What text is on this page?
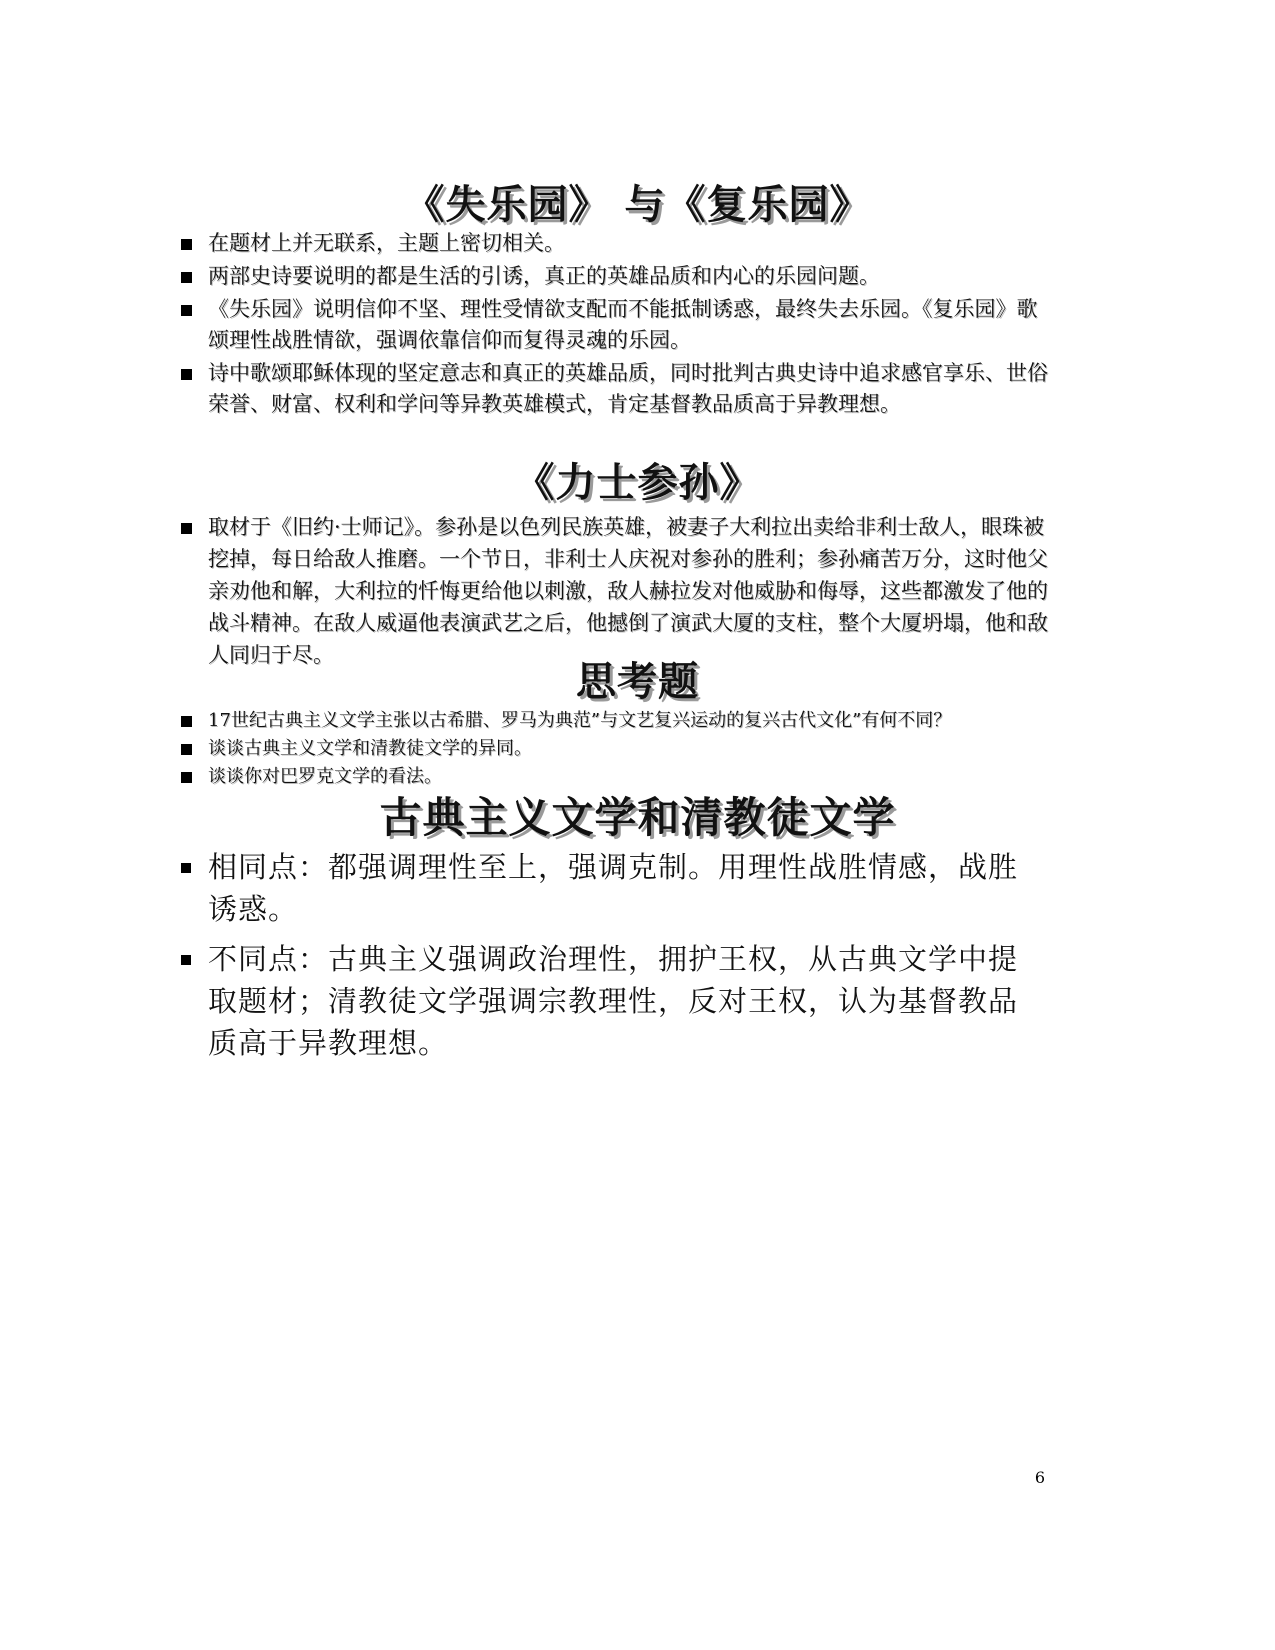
《失乐园》 与《复乐园》
在题材上并无联系，主题上密切相关。
两部史诗要说明的都是生活的引诱，真正的英雄品质和内心的乐园问题。
《失乐园》说明信仰不坚、理性受情欲支配而不能抵制诱惑，最终失去乐园。《复乐园》歌颂理性战胜情欲，强调依靠信仰而复得灵魂的乐园。
诗中歌颂耶稣体现的坚定意志和真正的英雄品质，同时批判古典史诗中追求感官享乐、世俗荣誉、财富、权利和学问等异教英雄模式，肯定基督教品质高于异教理想。
《力士参孙》
取材于《旧约·士师记》。参孙是以色列民族英雄，被妻子大利拉出卖给非利士敌人，眼珠被挖掉，每日给敌人推磨。一个节日，非利士人庆祝对参孙的胜利；参孙痛苦万分，这时他父亲劝他和解，大利拉的忏悔更给他以刺激，敌人赫拉发对他威胁和侮辱，这些都激发了他的战斗精神。在敌人威逼他表演武艺之后，他撼倒了演武大厦的支柱，整个大厦坍塌，他和敌人同归于尽。
思考题
17世纪古典主义文学主张以古希腊、罗马为典范”与文艺复兴运动的复兴古代文化”有何不同？
谈谈古典主义文学和清教徒文学的异同。
谈谈你对巴罗克文学的看法。
古典主义文学和清教徒文学
相同点：都强调理性至上，强调克制。用理性战胜情感，战胜诱惑。
不同点：古典主义强调政治理性，拥护王权，从古典文学中提取题材；清教徒文学强调宗教理性，反对王权，认为基督教品质高于异教理想。
6
